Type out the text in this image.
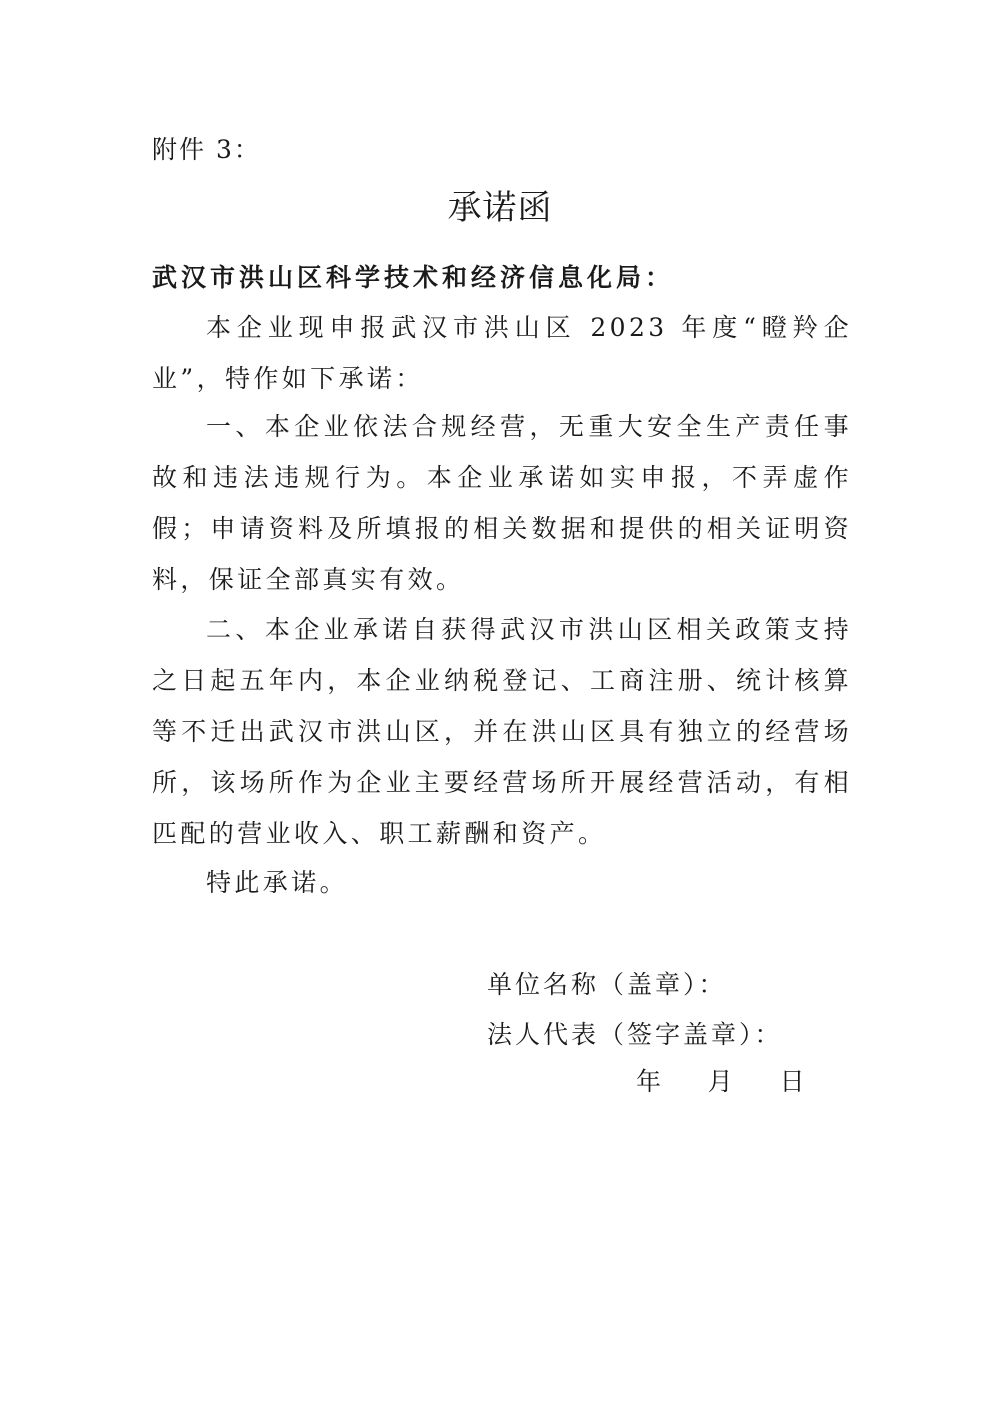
附件 3：
承诺函
武汉市洪山区科学技术和经济信息化局：

本企业现申报武汉市洪山区 2023 年度“瞪羚企业”，特作如下承诺：

一、本企业依法合规经营，无重大安全生产责任事故和违法违规行为。本企业承诺如实申报，不弄虚作假；申请资料及所填报的相关数据和提供的相关证明资料，保证全部真实有效。

二、本企业承诺自获得武汉市洪山区相关政策支持之日起五年内，本企业纳税登记、工商注册、统计核算等不迁出武汉市洪山区，并在洪山区具有独立的经营场所，该场所作为企业主要经营场所开展经营活动，有相匹配的营业收入、职工薪酬和资产。

特此承诺。

单位名称（盖章）：
法人代表（签字盖章）：
年    月    日
